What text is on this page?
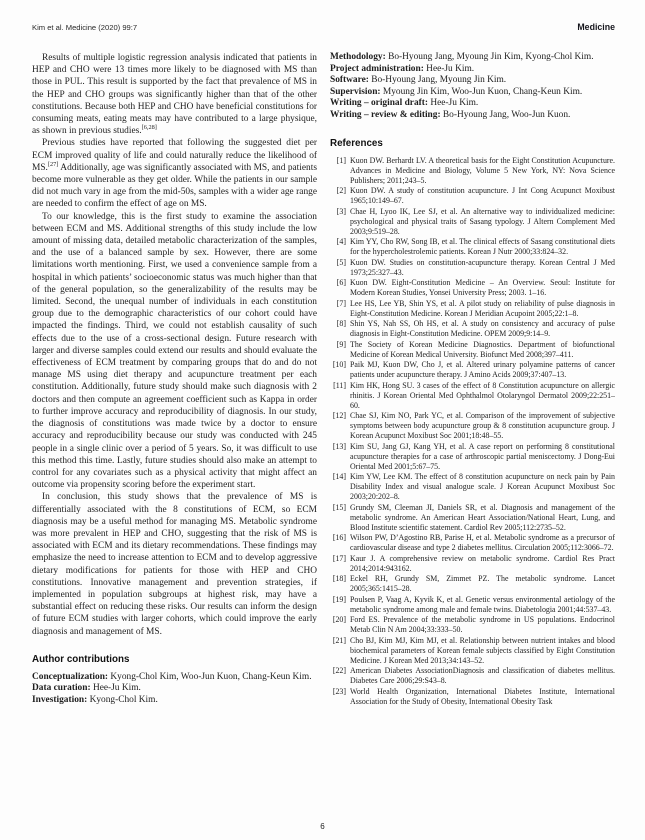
Kim et al. Medicine (2020) 99:7	Medicine

Results of multiple logistic regression analysis indicated that patients in HEP and CHO were 13 times more likely to be diagnosed with MS than those in PUL. This result is supported by the fact that prevalence of MS in the HEP and CHO groups was significantly higher than that of the other constitutions. Because both HEP and CHO have beneficial constitutions for consuming meats, eating meats may have contributed to a large physique, as shown in previous studies.[6,28]

Previous studies have reported that following the suggested diet per ECM improved quality of life and could naturally reduce the likelihood of MS.[27] Additionally, age was significantly associated with MS, and patients become more vulnerable as they get older. While the patients in our sample did not much vary in age from the mid-50s, samples with a wider age range are needed to confirm the effect of age on MS.

To our knowledge, this is the first study to examine the association between ECM and MS. Additional strengths of this study include the low amount of missing data, detailed metabolic characterization of the samples, and the use of a balanced sample by sex. However, there are some limitations worth mentioning. First, we used a convenience sample from a hospital in which patients’ socioeconomic status was much higher than that of the general population, so the generalizability of the results may be limited. Second, the unequal number of individuals in each constitution group due to the demographic characteristics of our cohort could have impacted the findings. Third, we could not establish causality of such effects due to the use of a cross-sectional design. Future research with larger and diverse samples could extend our results and should evaluate the effectiveness of ECM treatment by comparing groups that do and do not manage MS using diet therapy and acupuncture treatment per each constitution. Additionally, future study should make such diagnosis with 2 doctors and then compute an agreement coefficient such as Kappa in order to further improve accuracy and reproducibility of diagnosis. In our study, the diagnosis of constitutions was made twice by a doctor to ensure accuracy and reproducibility because our study was conducted with 245 people in a single clinic over a period of 5 years. So, it was difficult to use this method this time. Lastly, future studies should also make an attempt to control for any covariates such as a physical activity that might affect an outcome via propensity scoring before the experiment start.

In conclusion, this study shows that the prevalence of MS is differentially associated with the 8 constitutions of ECM, so ECM diagnosis may be a useful method for managing MS. Metabolic syndrome was more prevalent in HEP and CHO, suggesting that the risk of MS is associated with ECM and its dietary recommendations. These findings may emphasize the need to increase attention to ECM and to develop aggressive dietary modifications for patients for those with HEP and CHO constitutions. Innovative management and prevention strategies, if implemented in population subgroups at highest risk, may have a substantial effect on reducing these risks. Our results can inform the design of future ECM studies with larger cohorts, which could improve the early diagnosis and management of MS.

Author contributions

Conceptualization: Kyong-Chol Kim, Woo-Jun Kuon, Chang-Keun Kim.

Data curation: Hee-Ju Kim.

Investigation: Kyong-Chol Kim.

Methodology: Bo-Hyoung Jang, Myoung Jin Kim, Kyong-Chol Kim.

Project administration: Hee-Ju Kim.

Software: Bo-Hyoung Jang, Myoung Jin Kim.

Supervision: Myoung Jin Kim, Woo-Jun Kuon, Chang-Keun Kim.

Writing – original draft: Hee-Ju Kim.

Writing – review & editing: Bo-Hyoung Jang, Woo-Jun Kuon.

References
[1] Kuon DW. Berhardt LV. A theoretical basis for the Eight Constitution Acupuncture. Advances in Medicine and Biology, Volume 5 New York, NY: Nova Science Publishers; 2011;243–5.
[2] Kuon DW. A study of constitution acupuncture. J Int Cong Acupunct Moxibust 1965;10:149–67.
[3] Chae H, Lyoo IK, Lee SJ, et al. An alternative way to individualized medicine: psychological and physical traits of Sasang typology. J Altern Complement Med 2003;9:519–28.
[4] Kim YY, Cho RW, Song IB, et al. The clinical effects of Sasang constitutional diets for the hypercholestrolemic patients. Korean J Nutr 2000;33:824–32.
[5] Kuon DW. Studies on constitution-acupuncture therapy. Korean Central J Med 1973;25:327–43.
[6] Kuon DW. Eight-Constitution Medicine – An Overview. Seoul: Institute for Modern Korean Studies, Yonsei University Press; 2003. 1–16.
[7] Lee HS, Lee YB, Shin YS, et al. A pilot study on reliability of pulse diagnosis in Eight-Constitution Medicine. Korean J Meridian Acupoint 2005;22:1–8.
[8] Shin YS, Nah SS, Oh HS, et al. A study on consistency and accuracy of pulse diagnosis in Eight-Constitution Medicine. OPEM 2009;9:14–9.
[9] The Society of Korean Medicine Diagnostics. Department of biofunctional Medicine of Korean Medical University. Biofunct Med 2008;397–411.
[10] Paik MJ, Kuon DW, Cho J, et al. Altered urinary polyamine patterns of cancer patients under acupuncture therapy. J Amino Acids 2009;37:407–13.
[11] Kim HK, Hong SU. 3 cases of the effect of 8 Constitution acupuncture on allergic rhinitis. J Korean Oriental Med Ophthalmol Otolaryngol Dermatol 2009;22:251–60.
[12] Chae SJ, Kim NO, Park YC, et al. Comparison of the improvement of subjective symptoms between body acupuncture group & 8 constitution acupuncture group. J Korean Acupunct Moxibust Soc 2001;18:48–55.
[13] Kim SU, Jang GJ, Kang YH, et al. A case report on performing 8 constitutional acupuncture therapies for a case of arthroscopic partial meniscectomy. J Dong-Eui Oriental Med 2001;5:67–75.
[14] Kim YW, Lee KM. The effect of 8 constitution acupuncture on neck pain by Pain Disability Index and visual analogue scale. J Korean Acupunct Moxibust Soc 2003;20:202–8.
[15] Grundy SM, Cleeman JI, Daniels SR, et al. Diagnosis and management of the metabolic syndrome. An American Heart Association/National Heart, Lung, and Blood Institute scientific statement. Cardiol Rev 2005;112:2735–52.
[16] Wilson PW, D’Agostino RB, Parise H, et al. Metabolic syndrome as a precursor of cardiovascular disease and type 2 diabetes mellitus. Circulation 2005;112:3066–72.
[17] Kaur J. A comprehensive review on metabolic syndrome. Cardiol Res Pract 2014;2014:943162.
[18] Eckel RH, Grundy SM, Zimmet PZ. The metabolic syndrome. Lancet 2005;365:1415–28.
[19] Poulsen P, Vaag A, Kyvik K, et al. Genetic versus environmental aetiology of the metabolic syndrome among male and female twins. Diabetologia 2001;44:537–43.
[20] Ford ES. Prevalence of the metabolic syndrome in US populations. Endocrinol Metab Clin N Am 2004;33:333–50.
[21] Cho BJ, Kim MJ, Kim MJ, et al. Relationship between nutrient intakes and blood biochemical parameters of Korean female subjects classified by Eight Constitution Medicine. J Korean Med 2013;34:143–52.
[22] American Diabetes AssociationDiagnosis and classification of diabetes mellitus. Diabetes Care 2006;29:S43–8.
[23] World Health Organization, International Diabetes Institute, International Association for the Study of Obesity, International Obesity Task
6
